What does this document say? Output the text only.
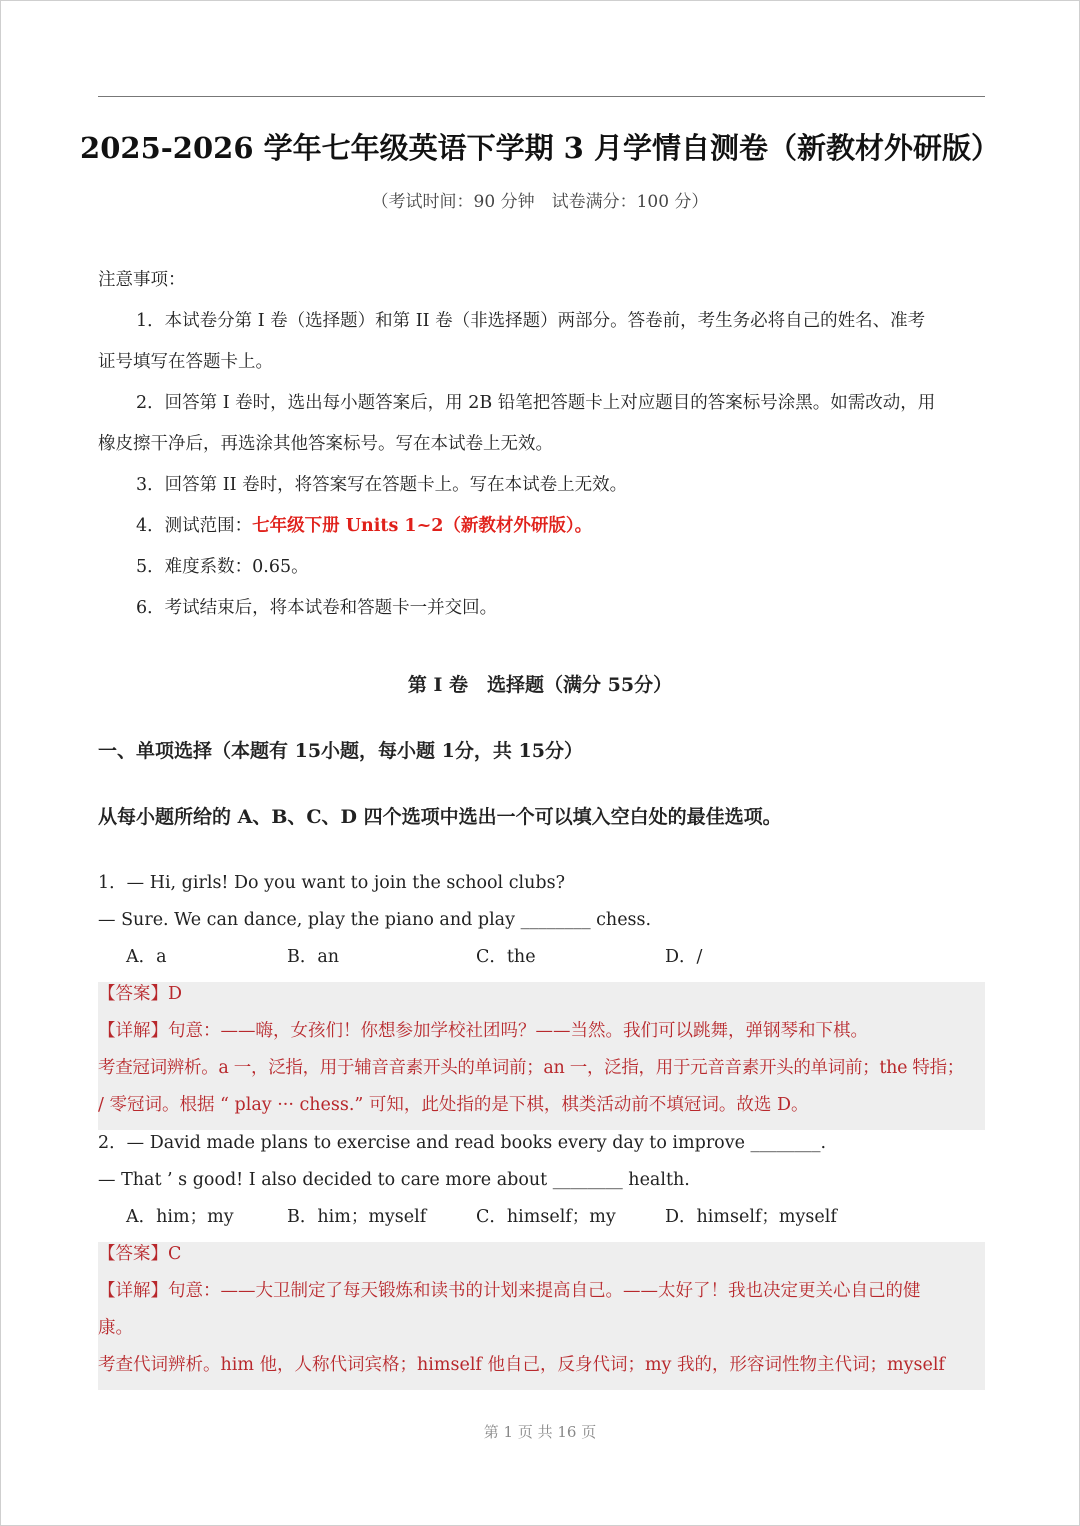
2025-2026 学年七年级英语下学期 3 月学情自测卷（新教材外研版）
（考试时间：90 分钟　试卷满分：100 分）
注意事项：
1．本试卷分第 I 卷（选择题）和第 II 卷（非选择题）两部分。答卷前，考生务必将自己的姓名、准考
证号填写在答题卡上。
2．回答第 I 卷时，选出每小题答案后，用 2B 铅笔把答题卡上对应题目的答案标号涂黑。如需改动，用
橡皮擦干净后，再选涂其他答案标号。写在本试卷上无效。
3．回答第 II 卷时，将答案写在答题卡上。写在本试卷上无效。
4．测试范围：七年级下册 Units 1~2（新教材外研版）。
5．难度系数：0.65。
6．考试结束后，将本试卷和答题卡一并交回。
第 I 卷　选择题（满分 55分）
一、单项选择（本题有 15小题，每小题 1分，共 15分）
从每小题所给的 A、B、C、D 四个选项中选出一个可以填入空白处的最佳选项。
1．— Hi, girls! Do you want to join the school clubs?
— Sure. We can dance, play the piano and play ________ chess.
A．a	B．an	C．the	D．/
【答案】D
【详解】句意：——嗨，女孩们！你想参加学校社团吗？——当然。我们可以跳舞，弹钢琴和下棋。
考查冠词辨析。a 一，泛指，用于辅音音素开头的单词前；an 一，泛指，用于元音音素开头的单词前；the 特指；
/ 零冠词。根据 “ play ··· chess.” 可知，此处指的是下棋，棋类活动前不填冠词。故选 D。
2．— David made plans to exercise and read books every day to improve ________.
— That ’ s good! I also decided to care more about ________ health.
A．him；my	B．him；myself	C．himself；my	D．himself；myself
【答案】C
【详解】句意：——大卫制定了每天锻炼和读书的计划来提高自己。——太好了！我也决定更关心自己的健
康。
考查代词辨析。him 他，人称代词宾格；himself 他自己，反身代词；my 我的，形容词性物主代词；myself
第 1 页 共 16 页
